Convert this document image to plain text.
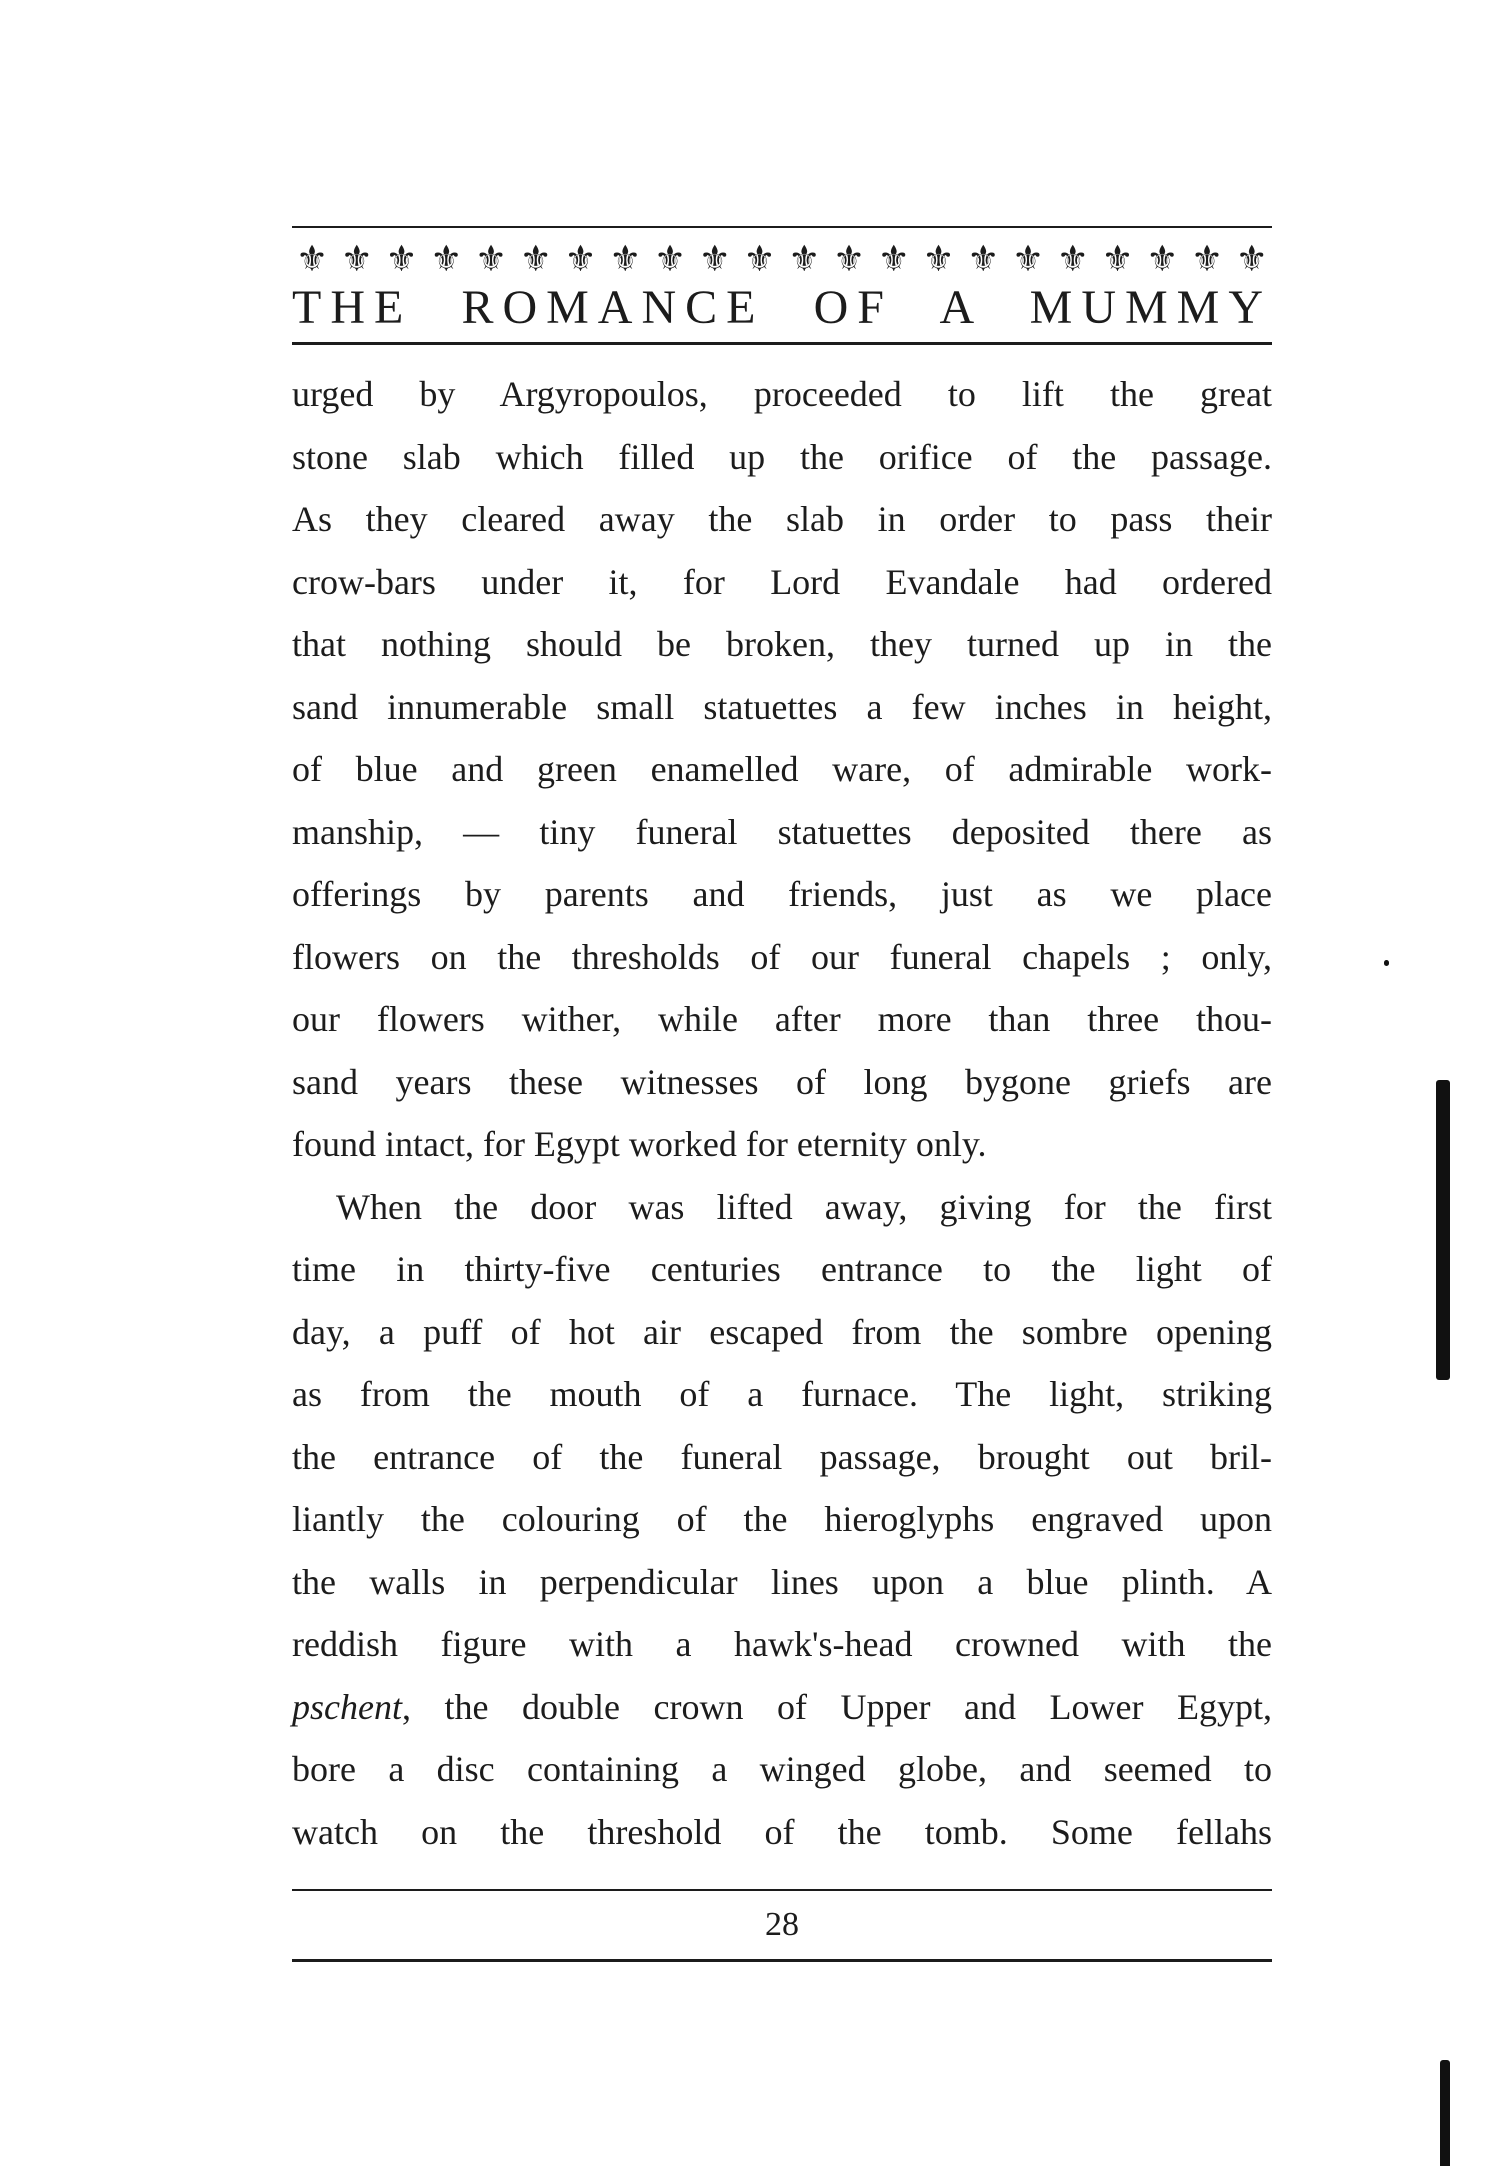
⚜ ⚜ ⚜ ⚜ ⚜ ⚜ ⚜ ⚜ ⚜ ⚜ ⚜ ⚜ ⚜ ⚜ ⚜ ⚜ ⚜ ⚜ ⚜ ⚜ ⚜ ⚜
THE ROMANCE OF A MUMMY
urged by Argyropoulos, proceeded to lift the great
stone slab which filled up the orifice of the passage.
As they cleared away the slab in order to pass their
crow-bars under it, for Lord Evandale had ordered
that nothing should be broken, they turned up in the
sand innumerable small statuettes a few inches in height,
of blue and green enamelled ware, of admirable work-
manship, — tiny funeral statuettes deposited there as
offerings by parents and friends, just as we place
flowers on the thresholds of our funeral chapels ; only,
our flowers wither, while after more than three thou-
sand years these witnesses of long bygone griefs are
found intact, for Egypt worked for eternity only.
When the door was lifted away, giving for the first
time in thirty-five centuries entrance to the light of
day, a puff of hot air escaped from the sombre opening
as from the mouth of a furnace. The light, striking
the entrance of the funeral passage, brought out bril-
liantly the colouring of the hieroglyphs engraved upon
the walls in perpendicular lines upon a blue plinth. A
reddish figure with a hawk's-head crowned with the
pschent, the double crown of Upper and Lower Egypt,
bore a disc containing a winged globe, and seemed to
watch on the threshold of the tomb. Some fellahs
28
